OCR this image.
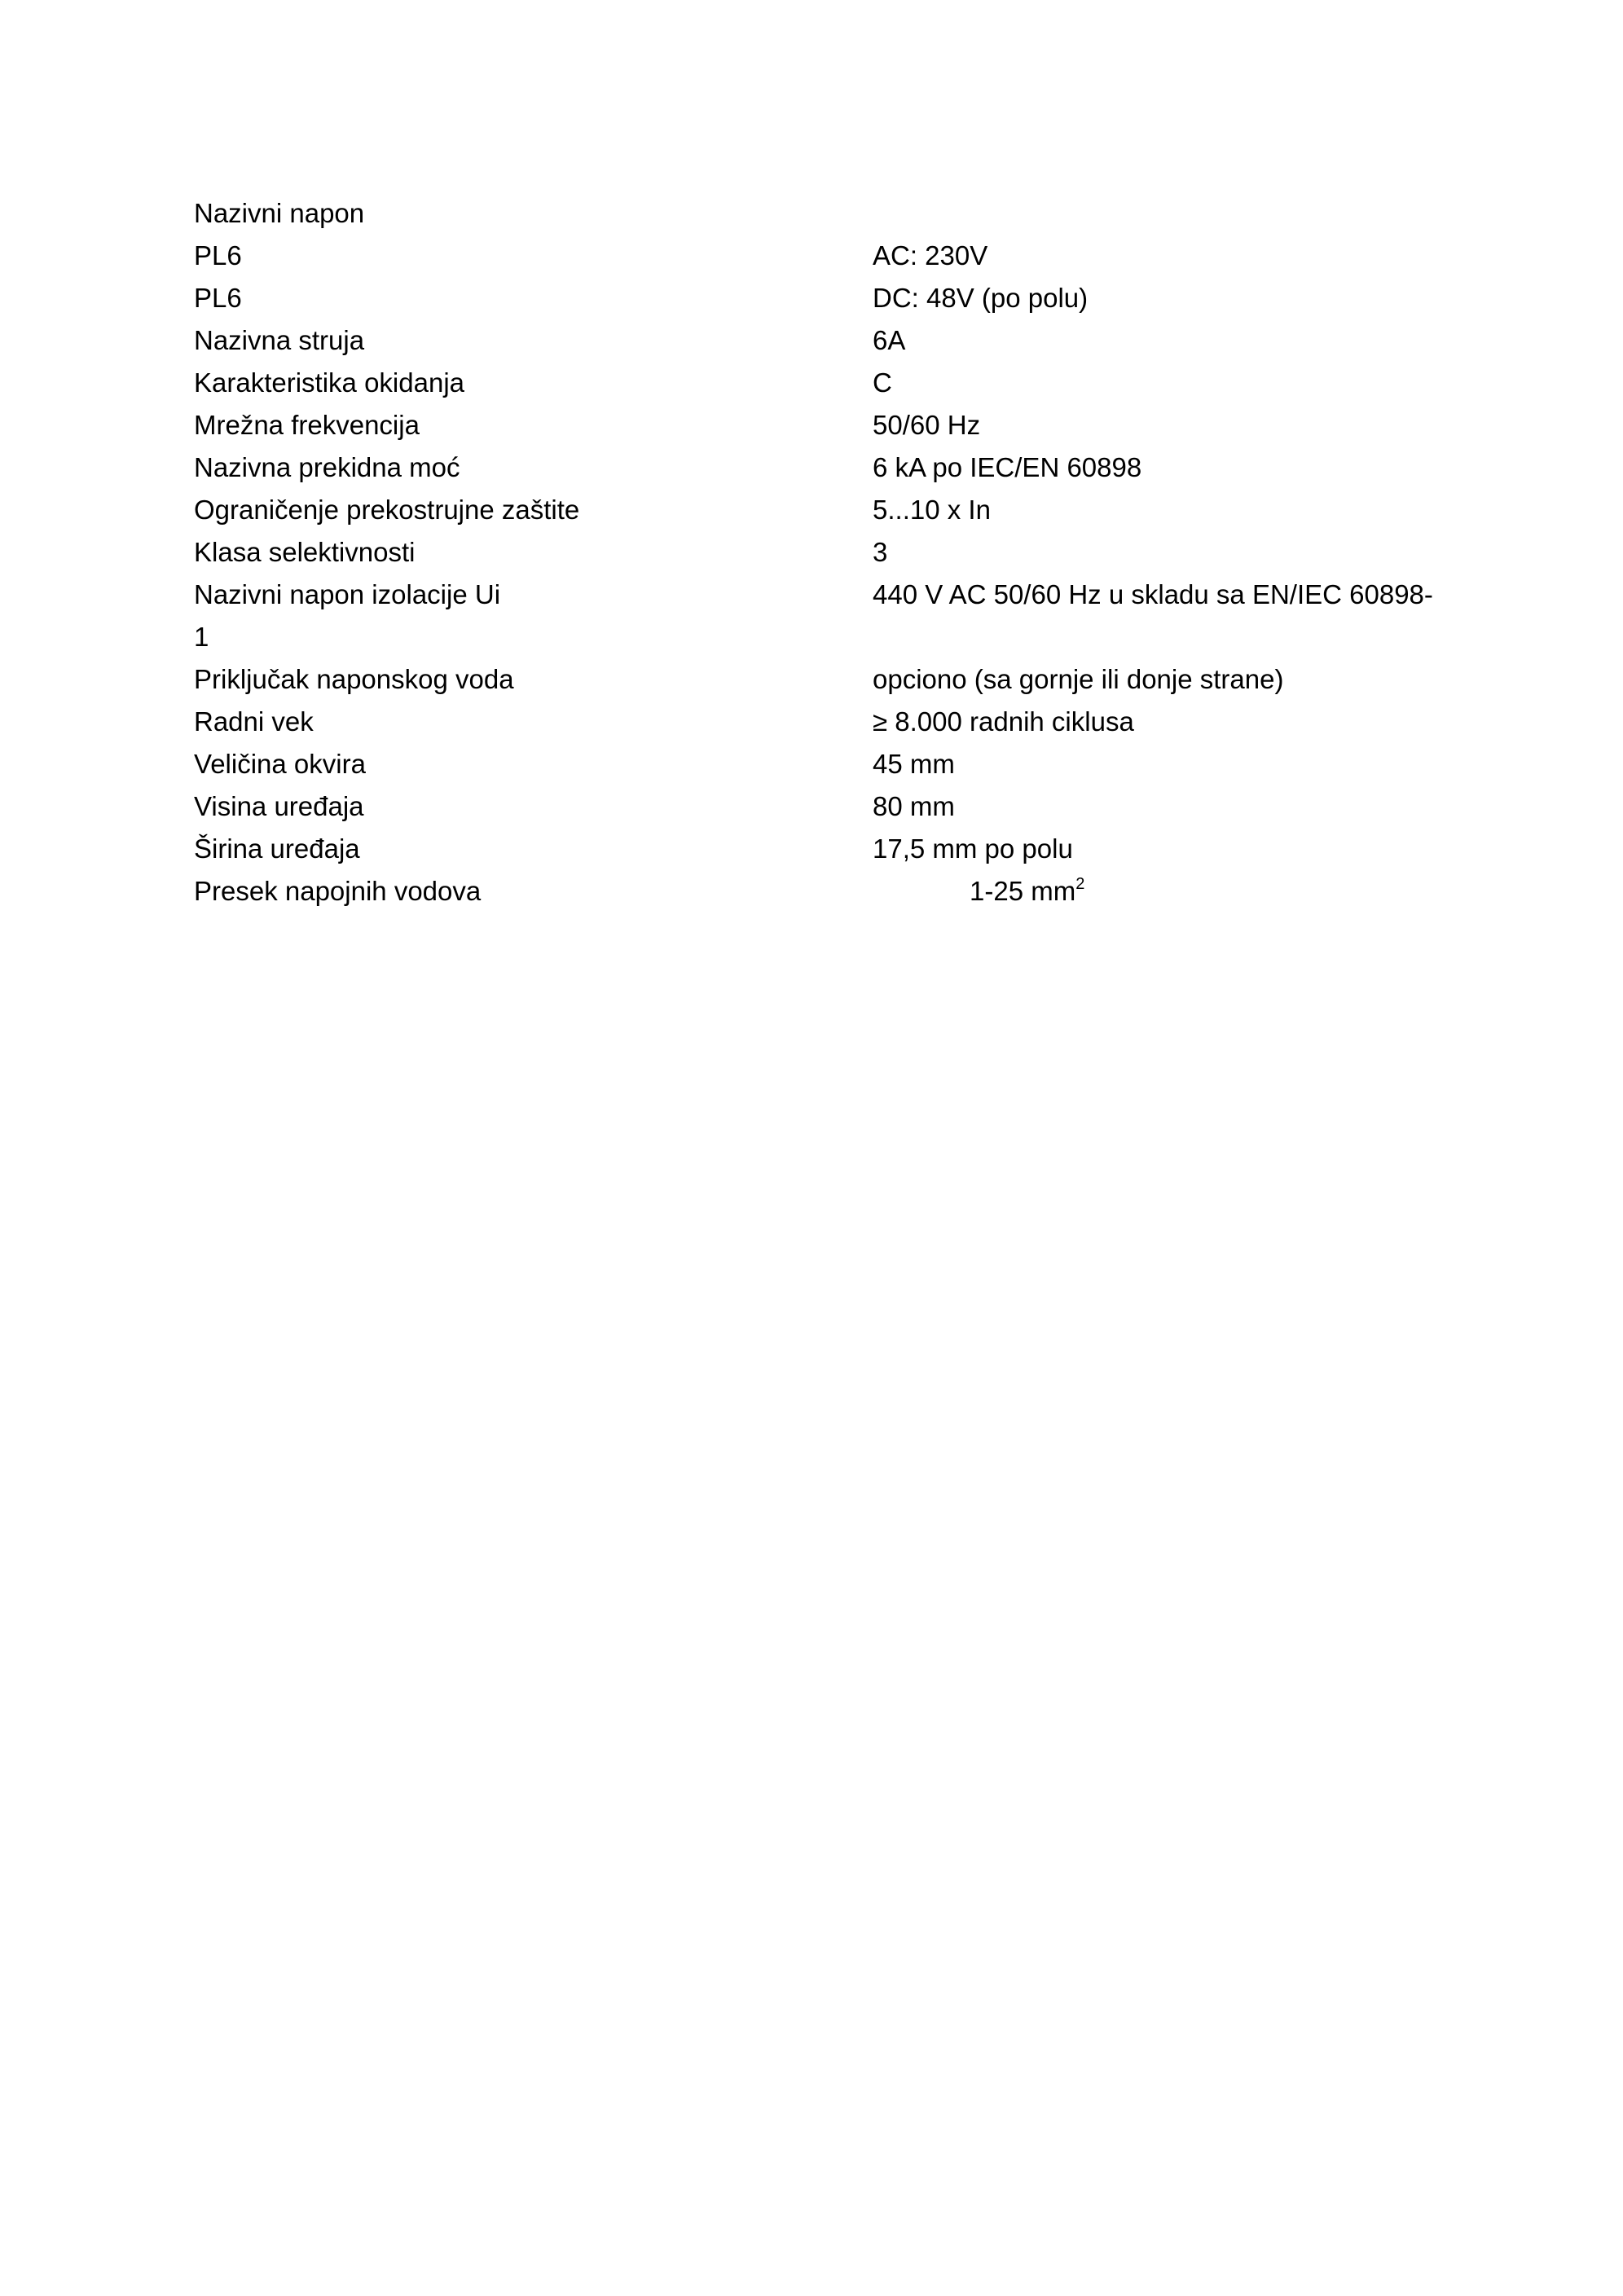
Nazivni napon
PL6	AC: 230V
PL6	DC: 48V (po polu)
Nazivna struja	6A
Karakteristika okidanja	C
Mrežna frekvencija	50/60 Hz
Nazivna prekidna moć	6 kA po IEC/EN 60898
Ograničenje prekostrujne zaštite	5...10 x In
Klasa selektivnosti	3
Nazivni napon izolacije Ui	440 V AC 50/60 Hz u skladu sa EN/IEC 60898-
1
Priključak naponskog voda	opciono (sa gornje ili donje strane)
Radni vek	≥ 8.000 radnih ciklusa
Veličina okvira	45 mm
Visina uređaja	80 mm
Širina uređaja	17,5 mm po polu
Presek napojnih vodova	1-25 $mm^2$
